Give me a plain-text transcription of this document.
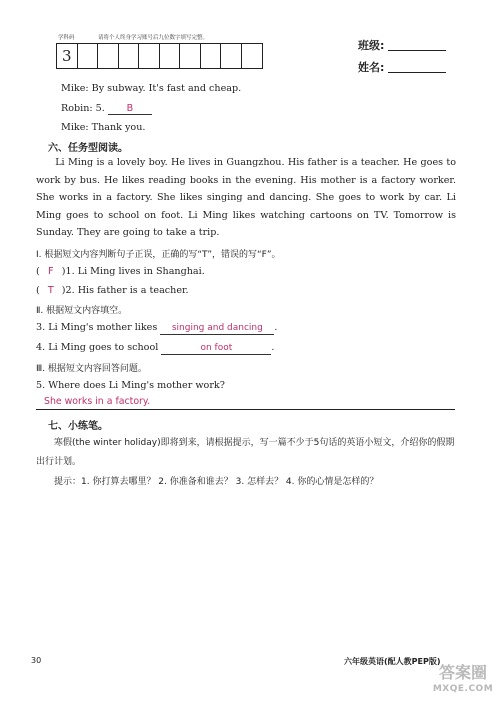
学科码	请将个人终身学习账号后九位数字填写完整。
3
班级:
姓名:
Mike: By subway. It's fast and cheap.
Robin: 5. B
Mike: Thank you.
六、任务型阅读。
Li Ming is a lovely boy. He lives in Guangzhou. His father is a teacher. He goes to work by bus. He likes reading books in the evening. His mother is a factory worker. She works in a factory. She likes singing and dancing. She goes to work by car. Li Ming goes to school on foot. Li Ming likes watching cartoons on TV. Tomorrow is Sunday. They are going to take a trip.
Ⅰ. 根据短文内容判断句子正误，正确的写“T”，错误的写“F”。
( F )1. Li Ming lives in Shanghai.
( T )2. His father is a teacher.
Ⅱ. 根据短文内容填空。
3. Li Ming's mother likes singing and dancing .
4. Li Ming goes to school	on foot	.
Ⅲ. 根据短文内容回答问题。
5. Where does Li Ming's mother work?
She works in a factory.
七、小练笔。
寒假(the winter holiday)即将到来，请根据提示，写一篇不少于5句话的英语小短文，介绍你的假期出行计划。
提示：1. 你打算去哪里？ 2. 你准备和谁去？ 3. 怎样去？ 4. 你的心情是怎样的？
30	六年级英语(配人教PEP版)
答案圈
MXQE.COM
